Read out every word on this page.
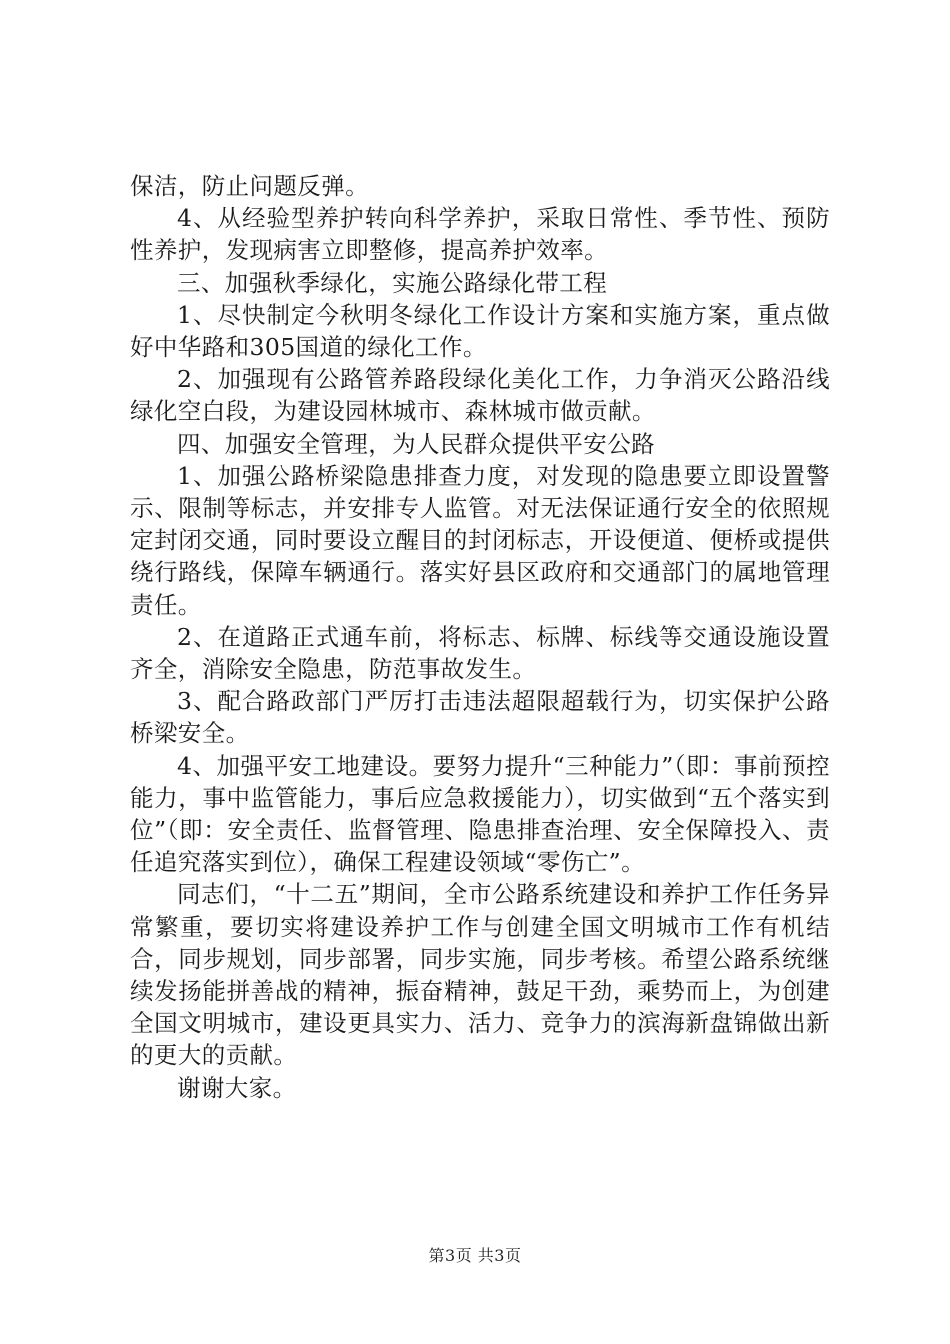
保洁，防止问题反弹。

4、从经验型养护转向科学养护，采取日常性、季节性、预防性养护，发现病害立即整修，提高养护效率。

三、加强秋季绿化，实施公路绿化带工程

1、尽快制定今秋明冬绿化工作设计方案和实施方案，重点做好中华路和305国道的绿化工作。

2、加强现有公路管养路段绿化美化工作，力争消灭公路沿线绿化空白段，为建设园林城市、森林城市做贡献。

四、加强安全管理，为人民群众提供平安公路

1、加强公路桥梁隐患排查力度，对发现的隐患要立即设置警示、限制等标志，并安排专人监管。对无法保证通行安全的依照规定封闭交通，同时要设立醒目的封闭标志，开设便道、便桥或提供绕行路线，保障车辆通行。落实好县区政府和交通部门的属地管理责任。

2、在道路正式通车前，将标志、标牌、标线等交通设施设置齐全，消除安全隐患，防范事故发生。

3、配合路政部门严厉打击违法超限超载行为，切实保护公路桥梁安全。

4、加强平安工地建设。要努力提升“三种能力”（即：事前预控能力，事中监管能力，事后应急救援能力），切实做到“五个落实到位”（即：安全责任、监督管理、隐患排查治理、安全保障投入、责任追究落实到位），确保工程建设领域“零伤亡”。

同志们，“十二五”期间，全市公路系统建设和养护工作任务异常繁重，要切实将建设养护工作与创建全国文明城市工作有机结合，同步规划，同步部署，同步实施，同步考核。希望公路系统继续发扬能拼善战的精神，振奋精神，鼓足干劲，乘势而上，为创建全国文明城市，建设更具实力、活力、竞争力的滨海新盘锦做出新的更大的贡献。

谢谢大家。

第3页 共3页
